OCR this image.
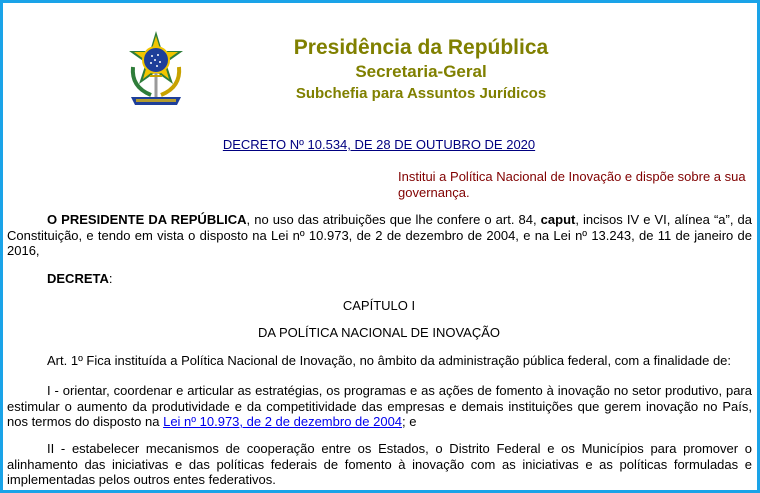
Presidência da República
Secretaria-Geral
Subchefia para Assuntos Jurídicos
DECRETO Nº 10.534, DE 28 DE OUTUBRO DE 2020
Institui a Política Nacional de Inovação e dispõe sobre a sua governança.
O PRESIDENTE DA REPÚBLICA, no uso das atribuições que lhe confere o art. 84, caput, incisos IV e VI, alínea “a”, da Constituição, e tendo em vista o disposto na Lei nº 10.973, de 2 de dezembro de 2004, e na Lei nº 13.243, de 11 de janeiro de 2016,
DECRETA:
CAPÍTULO I
DA POLÍTICA NACIONAL DE INOVAÇÃO
Art. 1º Fica instituída a Política Nacional de Inovação, no âmbito da administração pública federal, com a finalidade de:
I - orientar, coordenar e articular as estratégias, os programas e as ações de fomento à inovação no setor produtivo, para estimular o aumento da produtividade e da competitividade das empresas e demais instituições que gerem inovação no País, nos termos do disposto na Lei nº 10.973, de 2 de dezembro de 2004; e
II - estabelecer mecanismos de cooperação entre os Estados, o Distrito Federal e os Municípios para promover o alinhamento das iniciativas e das políticas federais de fomento à inovação com as iniciativas e as políticas formuladas e implementadas pelos outros entes federativos.
